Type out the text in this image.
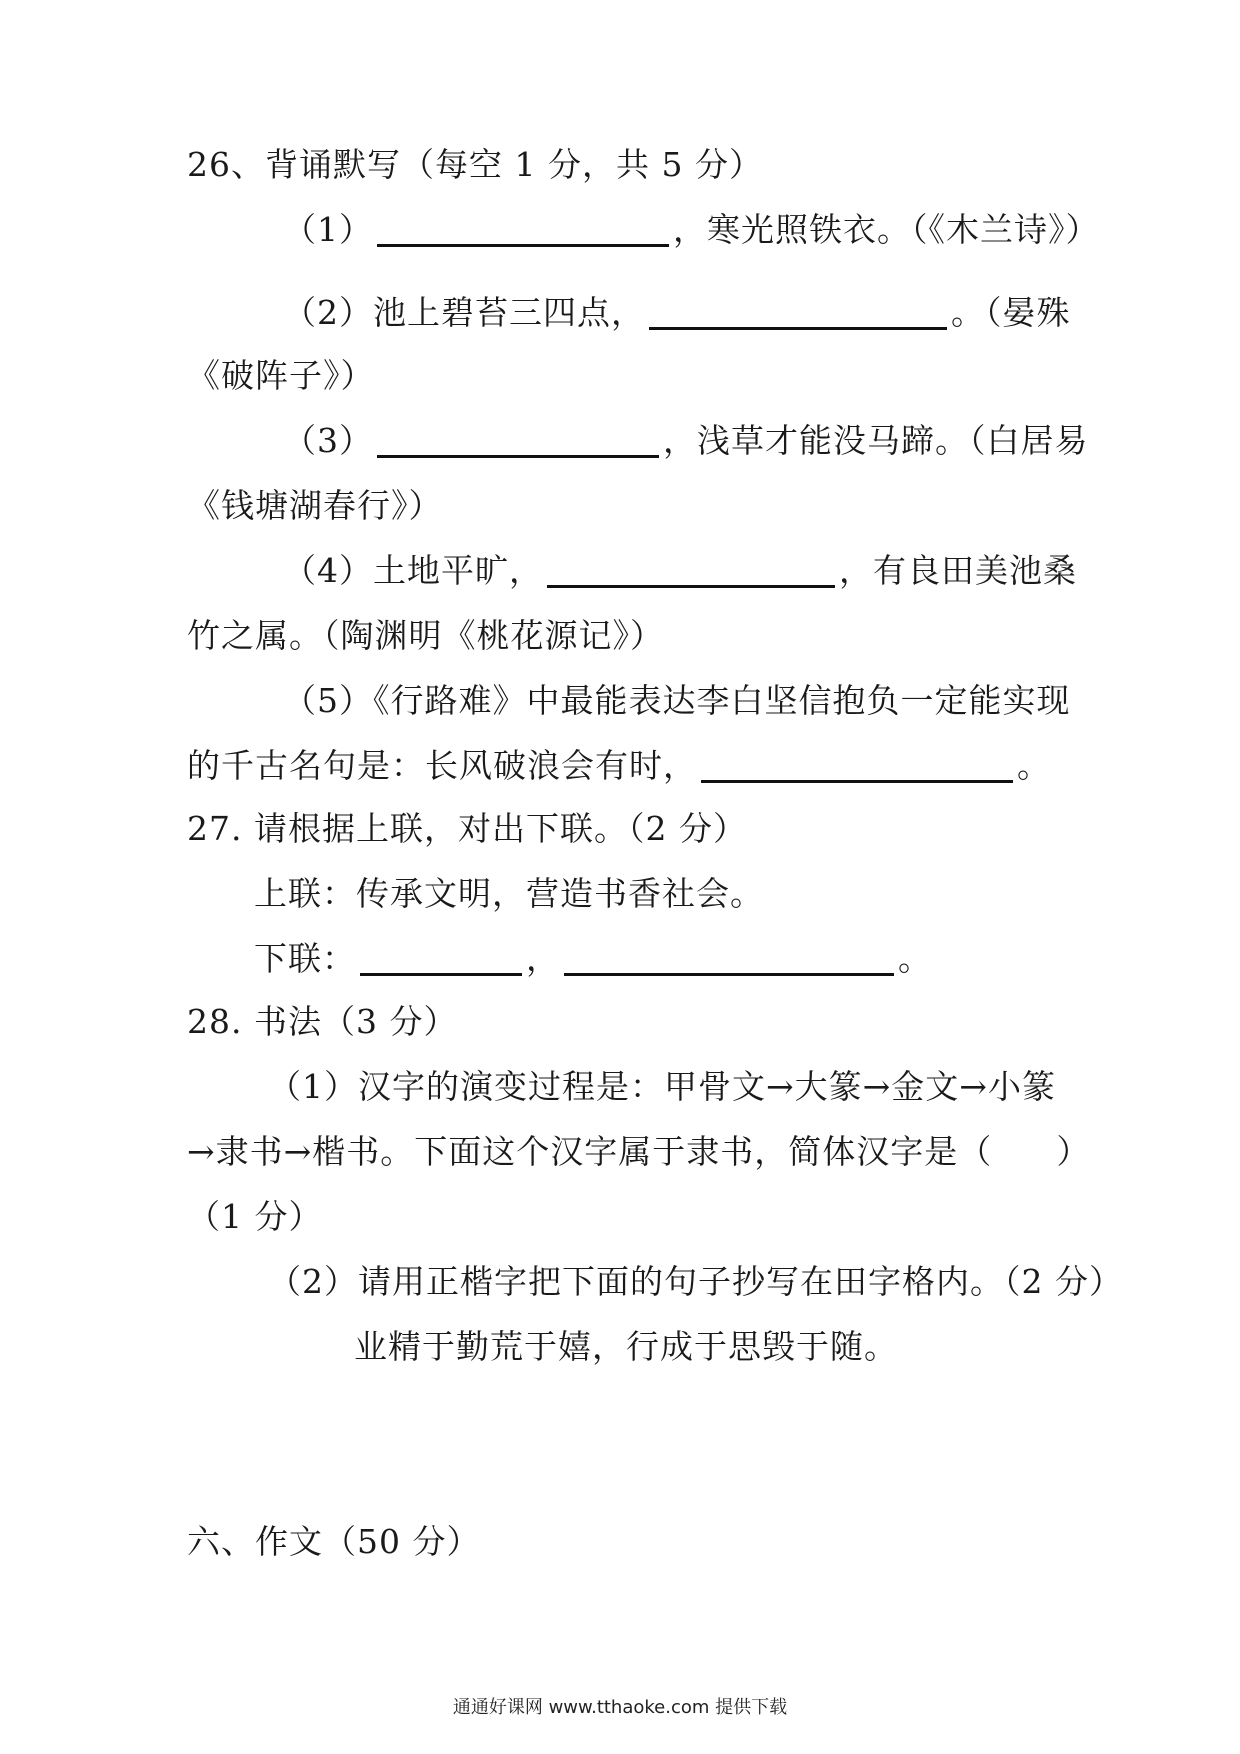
26、背诵默写（每空 1 分，共 5 分）
（1）	，寒光照铁衣。（《木兰诗》）
（2）池上碧苔三四点，	。（晏殊
《破阵子》）
（3）	，浅草才能没马蹄。（白居易
《钱塘湖春行》）
（4）土地平旷，	，有良田美池桑
竹之属。（陶渊明《桃花源记》）
（5）《行路难》中最能表达李白坚信抱负一定能实现
的千古名句是：长风破浪会有时，	。
27. 请根据上联，对出下联。（2 分）
上联：传承文明，营造书香社会。
下联：	，	。
28. 书法（3 分）
（1）汉字的演变过程是：甲骨文→大篆→金文→小篆
→隶书→楷书。下面这个汉字属于隶书，简体汉字是（ ）
（1 分）
（2）请用正楷字把下面的句子抄写在田字格内。（2 分）
业精于勤荒于嬉，行成于思毁于随。
六、作文（50 分）
通通好课网 www.tthaoke.com 提供下载
